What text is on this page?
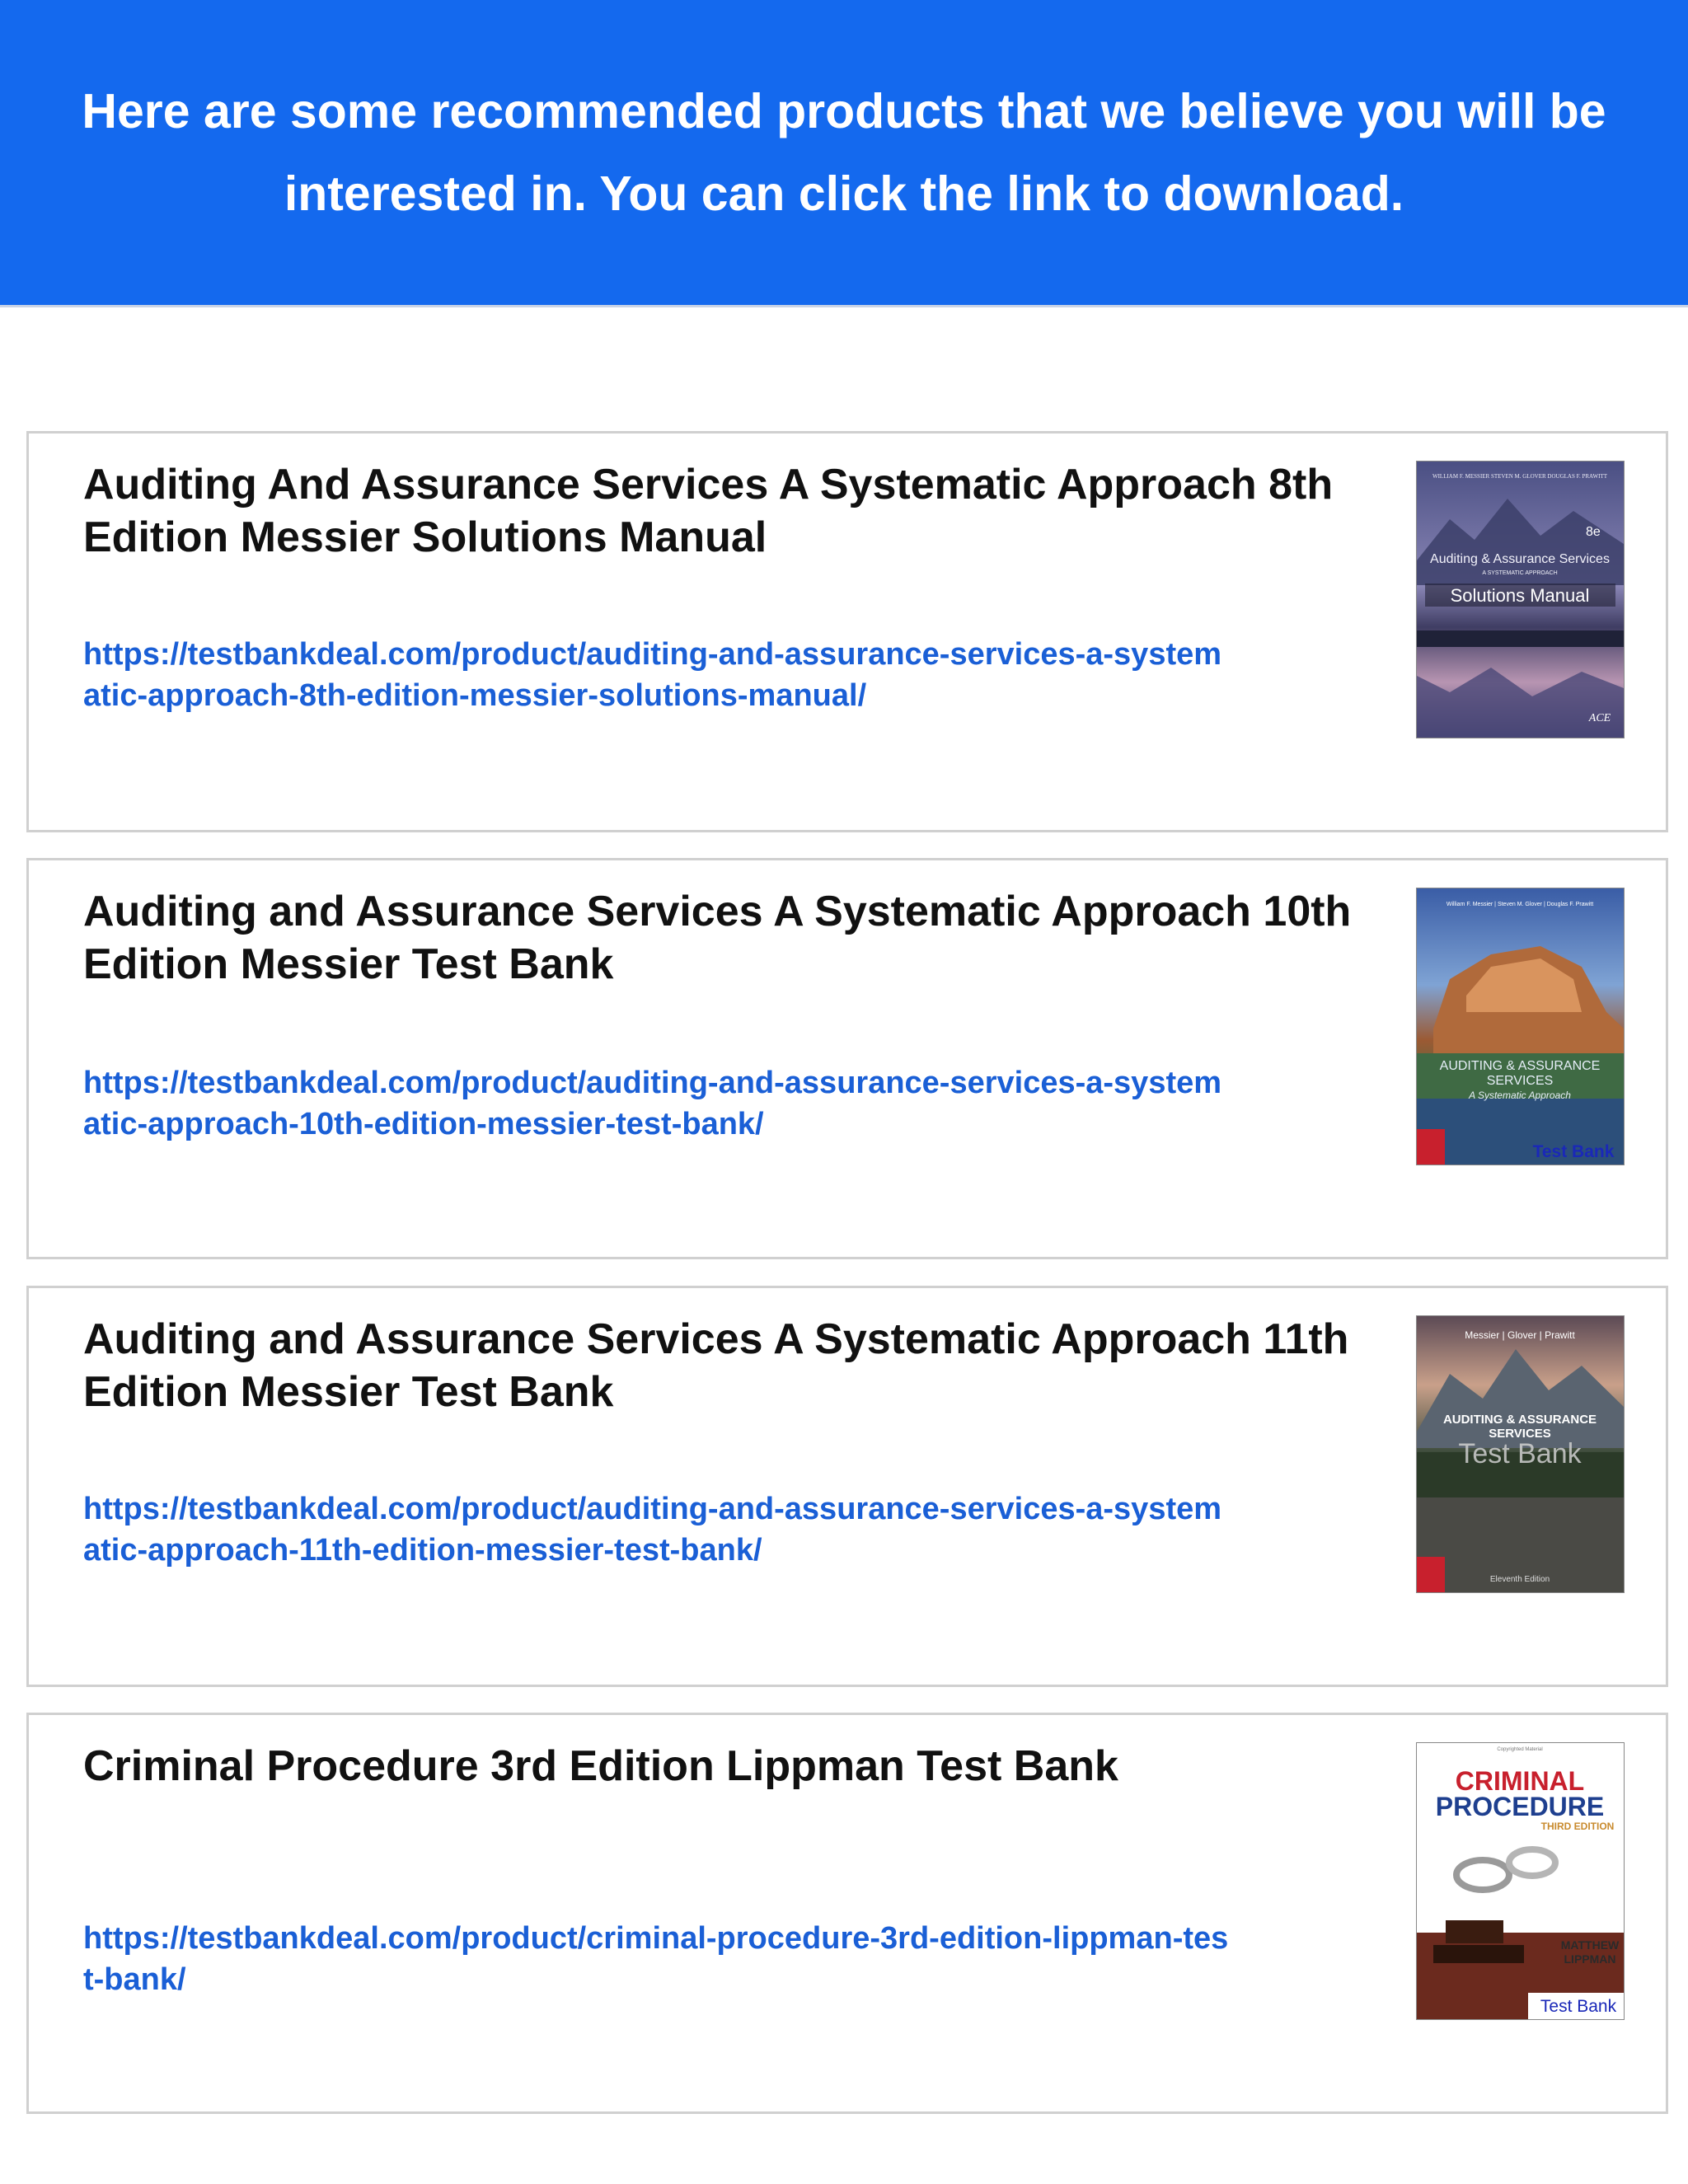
Here are some recommended products that we believe you will be interested in. You can click the link to download.

Auditing And Assurance Services A Systematic Approach 8th Edition Messier Solutions Manual
https://testbankdeal.com/product/auditing-and-assurance-services-a-systematic-approach-8th-edition-messier-solutions-manual/
WILLIAM F. MESSIER STEVEN M. GLOVER DOUGLAS F. PRAWITT
8e
Auditing & Assurance Services
A SYSTEMATIC APPROACH
Solutions Manual
ACE
Auditing and Assurance Services A Systematic Approach 10th Edition Messier Test Bank
https://testbankdeal.com/product/auditing-and-assurance-services-a-systematic-approach-10th-edition-messier-test-bank/
William F. Messier | Steven M. Glover | Douglas F. Prawitt
AUDITING & ASSURANCE
SERVICES
A Systematic Approach
Test Bank
Auditing and Assurance Services A Systematic Approach 11th Edition Messier Test Bank
https://testbankdeal.com/product/auditing-and-assurance-services-a-systematic-approach-11th-edition-messier-test-bank/
Messier | Glover | Prawitt
AUDITING & ASSURANCE
SERVICES
Test Bank
Eleventh Edition
Criminal Procedure 3rd Edition Lippman Test Bank
https://testbankdeal.com/product/criminal-procedure-3rd-edition-lippman-test-bank/
Copyrighted Material
CRIMINAL
PROCEDURE
THIRD EDITION
MATTHEW
LIPPMAN
Test Bank
